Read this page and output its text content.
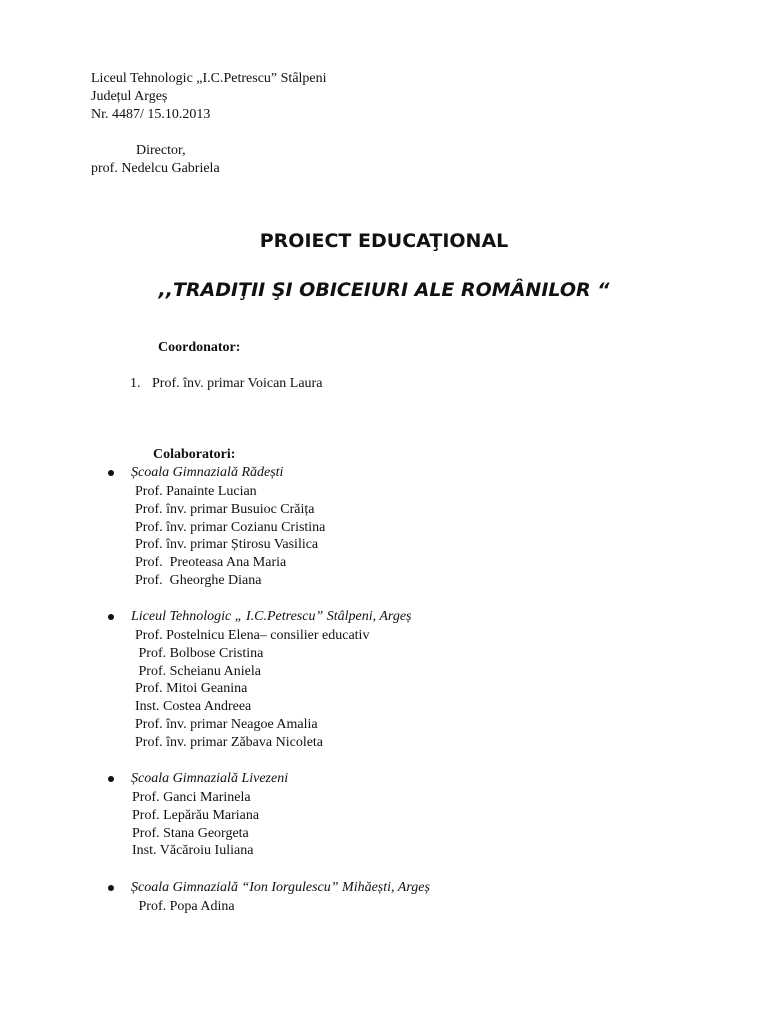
Liceul Tehnologic „I.C.Petrescu” Stâlpeni
Județul Argeș
Nr. 4487/ 15.10.2013
Director,
prof. Nedelcu Gabriela
PROIECT EDUCAŢIONAL
,,TRADIŢII ŞI OBICEIURI ALE ROMÂNILOR “
Coordonator:
1. Prof. înv. primar Voican Laura
Colaboratori:
Școala Gimnazială Rădești
Prof. Panainte Lucian
Prof. înv. primar Busuioc Crăița
Prof. înv. primar Cozianu Cristina
Prof. înv. primar Știrosu Vasilica
Prof.  Preoteasa Ana Maria
Prof.  Gheorghe Diana
Liceul Tehnologic „ I.C.Petrescu” Stâlpeni, Argeș
Prof. Postelnicu Elena– consilier educativ
Prof. Bolbose Cristina
Prof. Scheianu Aniela
Prof. Mitoi Geanina
Inst. Costea Andreea
Prof. înv. primar Neagoe Amalia
Prof. înv. primar Zăbava Nicoleta
Școala Gimnazială Livezeni
Prof. Ganci Marinela
Prof. Lepărău Mariana
Prof. Stana Georgeta
Inst. Văcăroiu Iuliana
Școala Gimnazială “Ion Iorgulescu” Mihăești, Argeș
Prof. Popa Adina
